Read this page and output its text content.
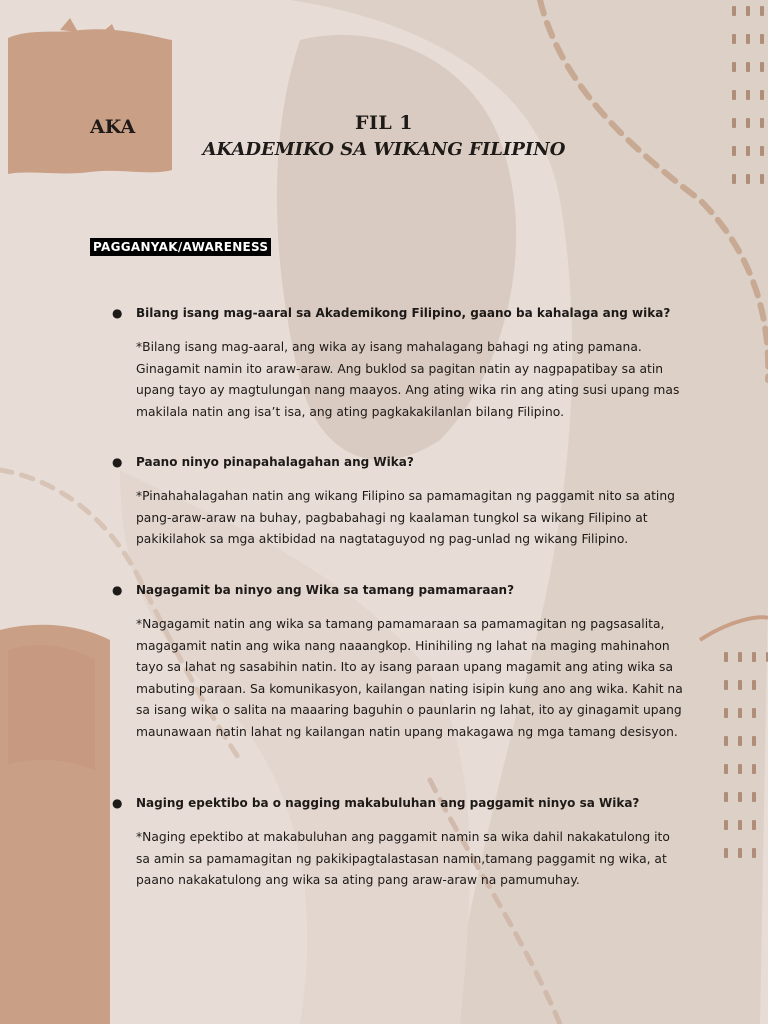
AKA	FIL 1
AKADEMIKO SA WIKANG FILIPINO
PAGGANYAK/AWARENESS
● Bilang isang mag-aaral sa Akademikong Filipino, gaano ba kahalaga ang wika?
*Bilang isang mag-aaral, ang wika ay isang mahalagang bahagi ng ating pamana. Ginagamit namin ito araw-araw. Ang buklod sa pagitan natin ay nagpapatibay sa atin upang tayo ay magtulungan nang maayos. Ang ating wika rin ang ating susi upang mas makilala natin ang isa’t isa, ang ating pagkakakilanlan bilang Filipino.
● Paano ninyo pinapahalagahan ang Wika?
*Pinahahalagahan natin ang wikang Filipino sa pamamagitan ng paggamit nito sa ating pang-araw-araw na buhay, pagbabahagi ng kaalaman tungkol sa wikang Filipino at pakikilahok sa mga aktibidad na nagtataguyod ng pag-unlad ng wikang Filipino.
● Nagagamit ba ninyo ang Wika sa tamang pamamaraan?
*Nagagamit natin ang wika sa tamang pamamaraan sa pamamagitan ng pagsasalita, magagamit natin ang wika nang naaangkop. Hinihiling ng lahat na maging mahinahon tayo sa lahat ng sasabihin natin. Ito ay isang paraan upang magamit ang ating wika sa mabuting paraan. Sa komunikasyon, kailangan nating isipin kung ano ang wika. Kahit na sa isang wika o salita na maaaring baguhin o paunlarin ng lahat, ito ay ginagamit upang maunawaan natin lahat ng kailangan natin upang makagawa ng mga tamang desisyon.
● Naging epektibo ba o nagging makabuluhan ang paggamit ninyo sa Wika?
*Naging epektibo at makabuluhan ang paggamit namin sa wika dahil nakakatulong ito sa amin sa pamamagitan ng pakikipagtalastasan namin,tamang paggamit ng wika, at paano nakakatulong ang wika sa ating pang araw-araw na pamumuhay.
